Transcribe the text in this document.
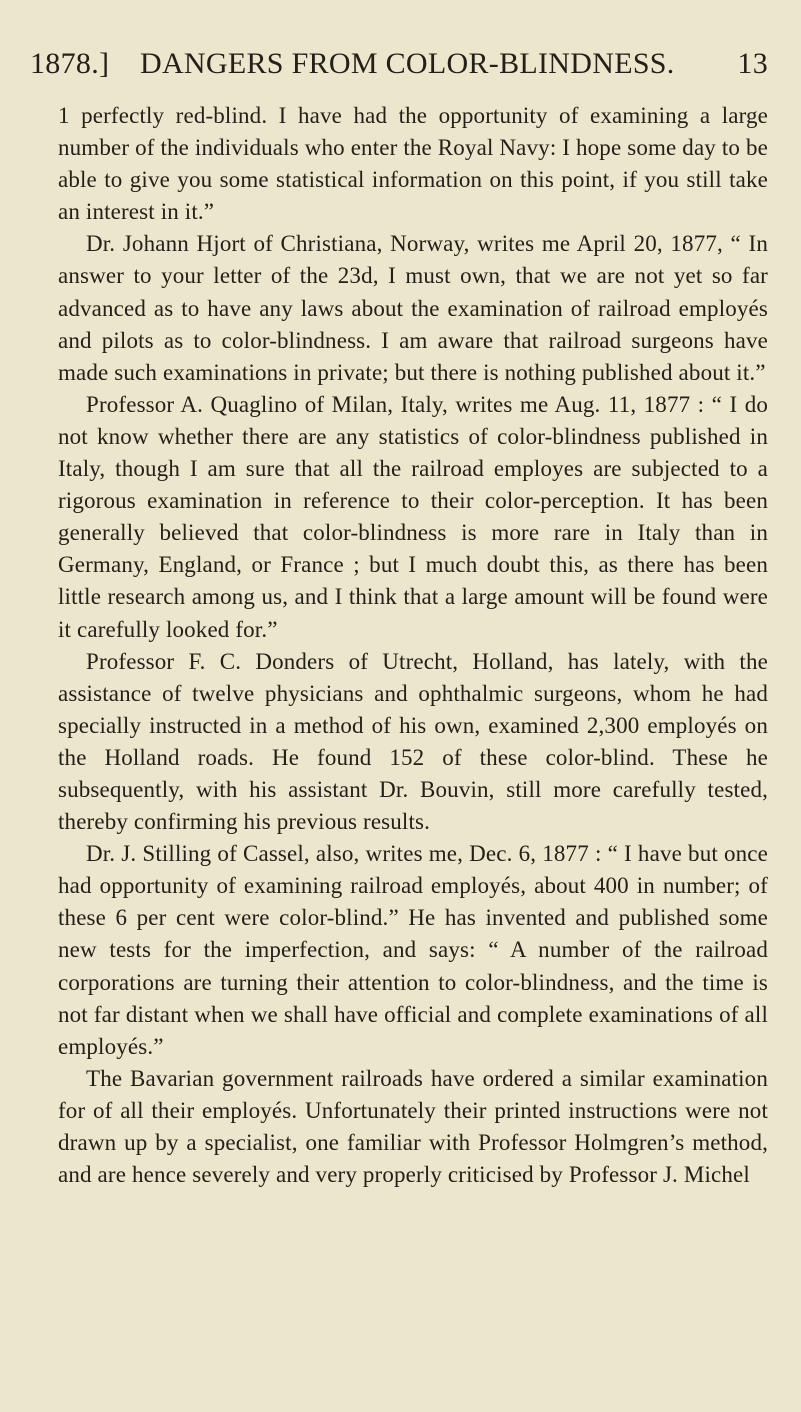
1878.] DANGERS FROM COLOR-BLINDNESS. 13

1 perfectly red-blind. I have had the opportunity of examining a large number of the individuals who enter the Royal Navy: I hope some day to be able to give you some statistical information on this point, if you still take an interest in it.”

Dr. Johann Hjort of Christiana, Norway, writes me April 20, 1877, “ In answer to your letter of the 23d, I must own, that we are not yet so far advanced as to have any laws about the examination of railroad employés and pilots as to color-blindness. I am aware that railroad surgeons have made such examinations in private; but there is nothing published about it.”

Professor A. Quaglino of Milan, Italy, writes me Aug. 11, 1877 : “ I do not know whether there are any statistics of color-blindness published in Italy, though I am sure that all the railroad employes are subjected to a rigorous examination in reference to their color-perception. It has been generally believed that color-blindness is more rare in Italy than in Germany, England, or France ; but I much doubt this, as there has been little research among us, and I think that a large amount will be found were it carefully looked for.”

Professor F. C. Donders of Utrecht, Holland, has lately, with the assistance of twelve physicians and ophthalmic surgeons, whom he had specially instructed in a method of his own, examined 2,300 employés on the Holland roads. He found 152 of these color-blind. These he subsequently, with his assistant Dr. Bouvin, still more carefully tested, thereby confirming his previous results.

Dr. J. Stilling of Cassel, also, writes me, Dec. 6, 1877 : “ I have but once had opportunity of examining railroad employés, about 400 in number; of these 6 per cent were color-blind.” He has invented and published some new tests for the imperfection, and says: “ A number of the railroad corporations are turning their attention to color-blindness, and the time is not far distant when we shall have official and complete examinations of all employés.”

The Bavarian government railroads have ordered a similar examination for of all their employés. Unfortunately their printed instructions were not drawn up by a specialist, one familiar with Professor Holmgren’s method, and are hence severely and very properly criticised by Professor J. Michel
